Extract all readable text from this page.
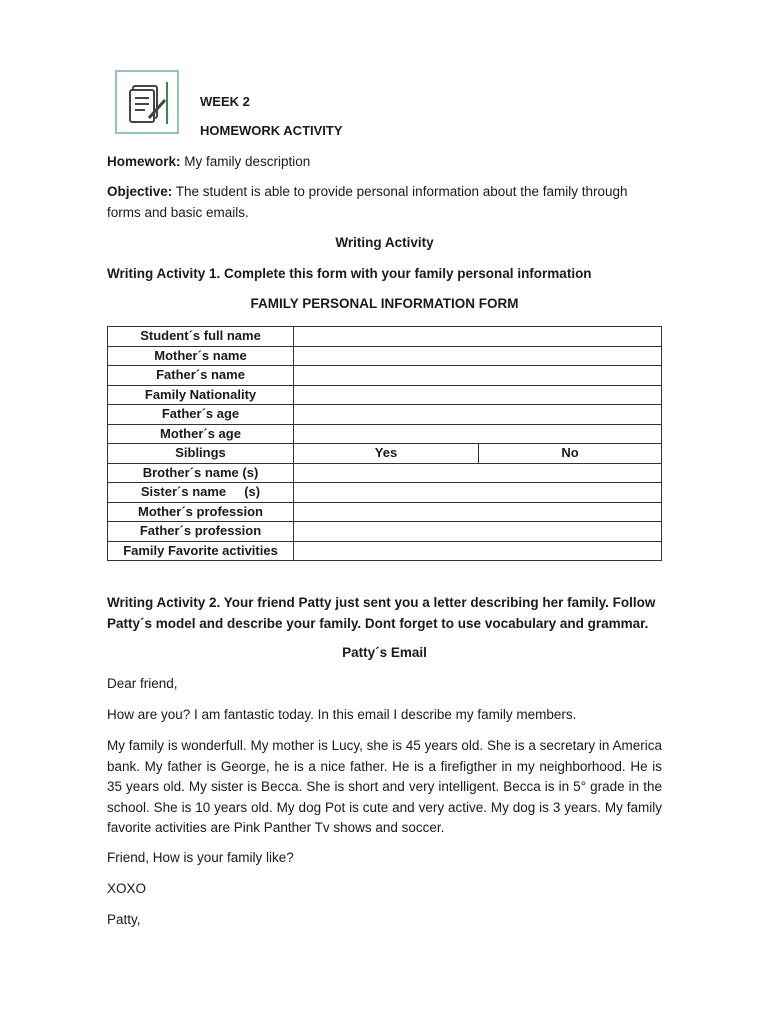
WEEK 2
HOMEWORK ACTIVITY
Homework: My family description
Objective: The student is able to provide personal information about the family through forms and basic emails.
Writing Activity
Writing Activity 1. Complete this form with your family personal information
FAMILY PERSONAL INFORMATION FORM
Student´s full name		
Mother´s name		
Father´s name		
Family Nationality		
Father´s age		
Mother´s age		
Siblings	Yes	No
Brother´s name (s)		
Sister´s name     (s)		
Mother´s profession		
Father´s profession		
Family Favorite activities		
Writing Activity 2. Your friend Patty just sent you a letter describing her family. Follow Patty´s model and describe your family. Dont forget to use vocabulary and grammar.
Patty´s Email
Dear friend,
How are you? I am fantastic today. In this email I describe my family members.
My family is wonderfull. My mother is Lucy, she is 45 years old. She is a secretary in America bank. My father is George, he is a nice father. He is a firefigther in my neighborhood. He is 35 years old. My sister is Becca. She is short and very intelligent. Becca is in 5° grade in the school. She is 10 years old. My dog Pot is cute and very active. My dog is 3 years. My family favorite activities are Pink Panther Tv shows and soccer.
Friend, How is your family like?
XOXO
Patty,
